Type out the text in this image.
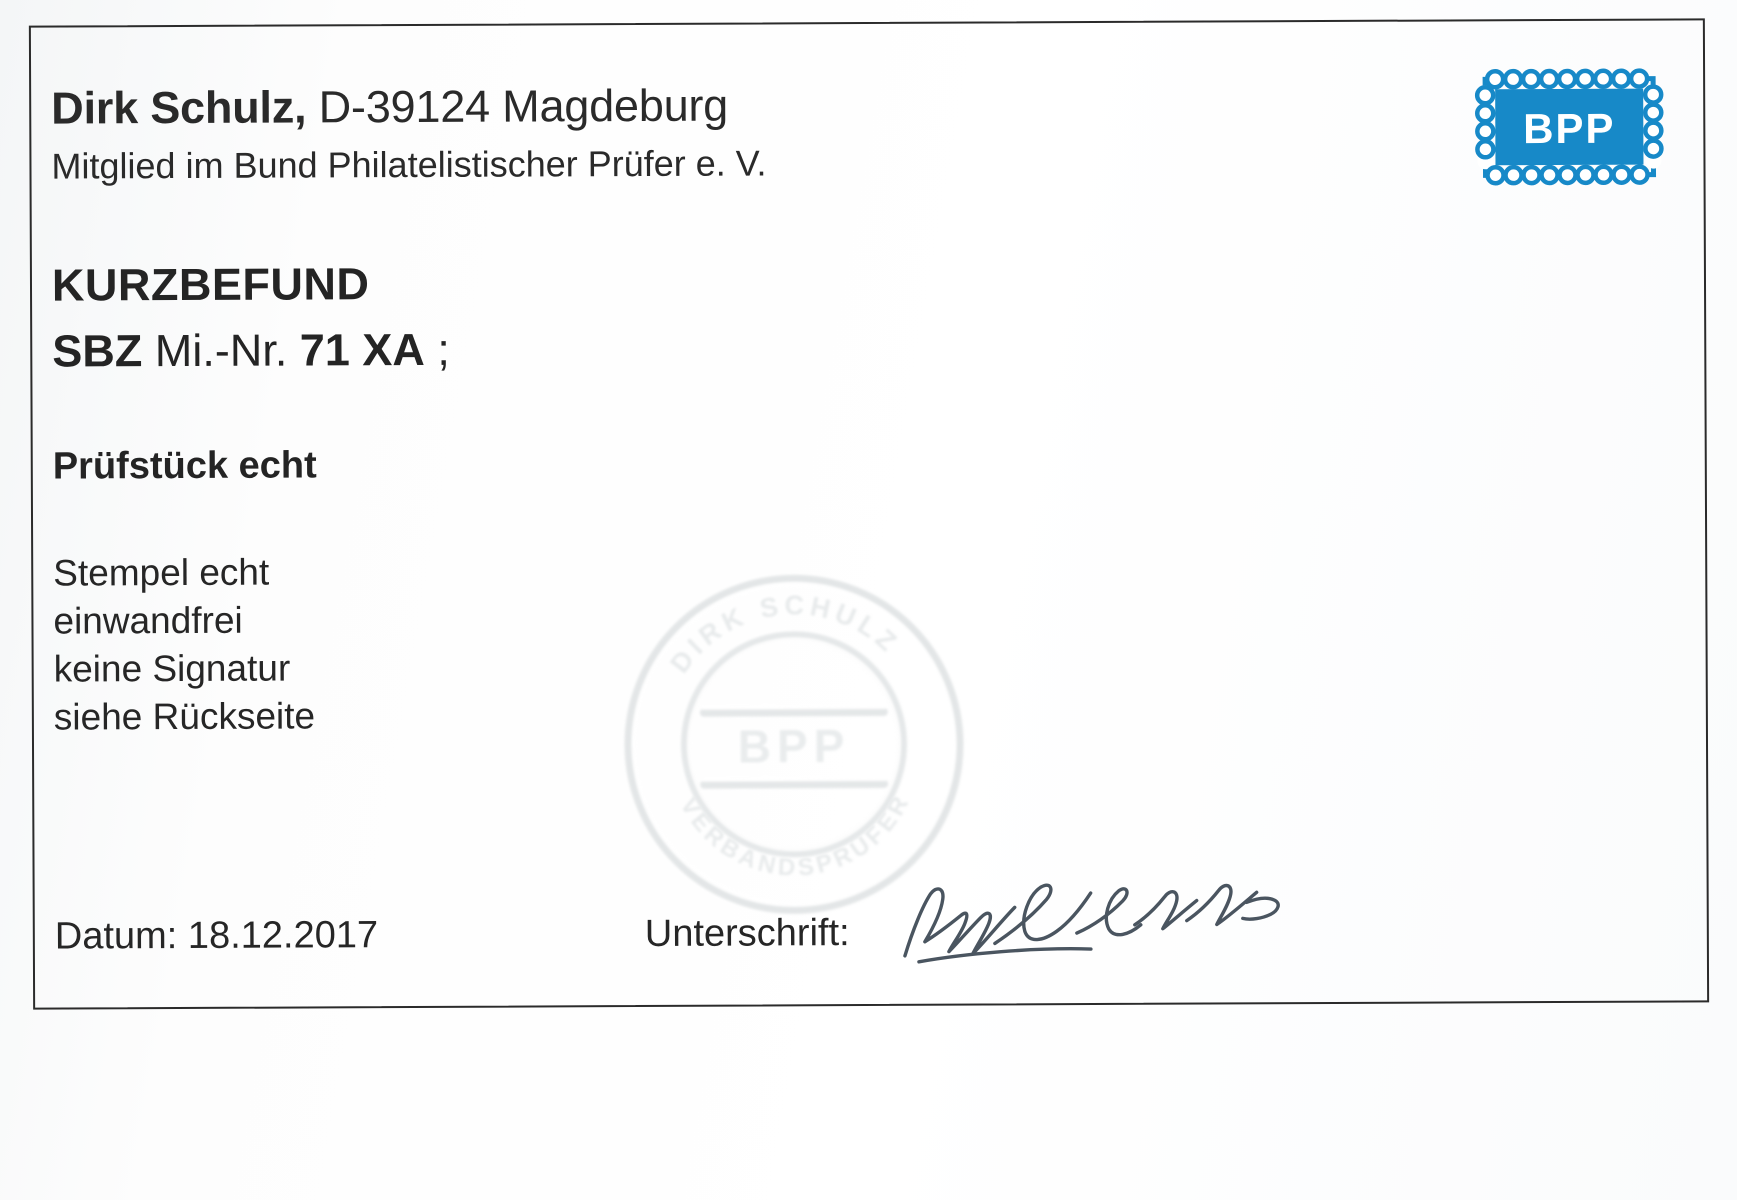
Dirk Schulz, D-39124 Magdeburg
Mitglied im Bund Philatelistischer Prüfer e. V.
BPP
KURZBEFUND
SBZ Mi.-Nr. 71 XA ;
Prüfstück echt
Stempel echt
einwandfrei
keine Signatur
siehe Rückseite
DIRK SCHULZ
VERBANDSPRÜFER
BPP
Datum: 18.12.2017	Unterschrift:
